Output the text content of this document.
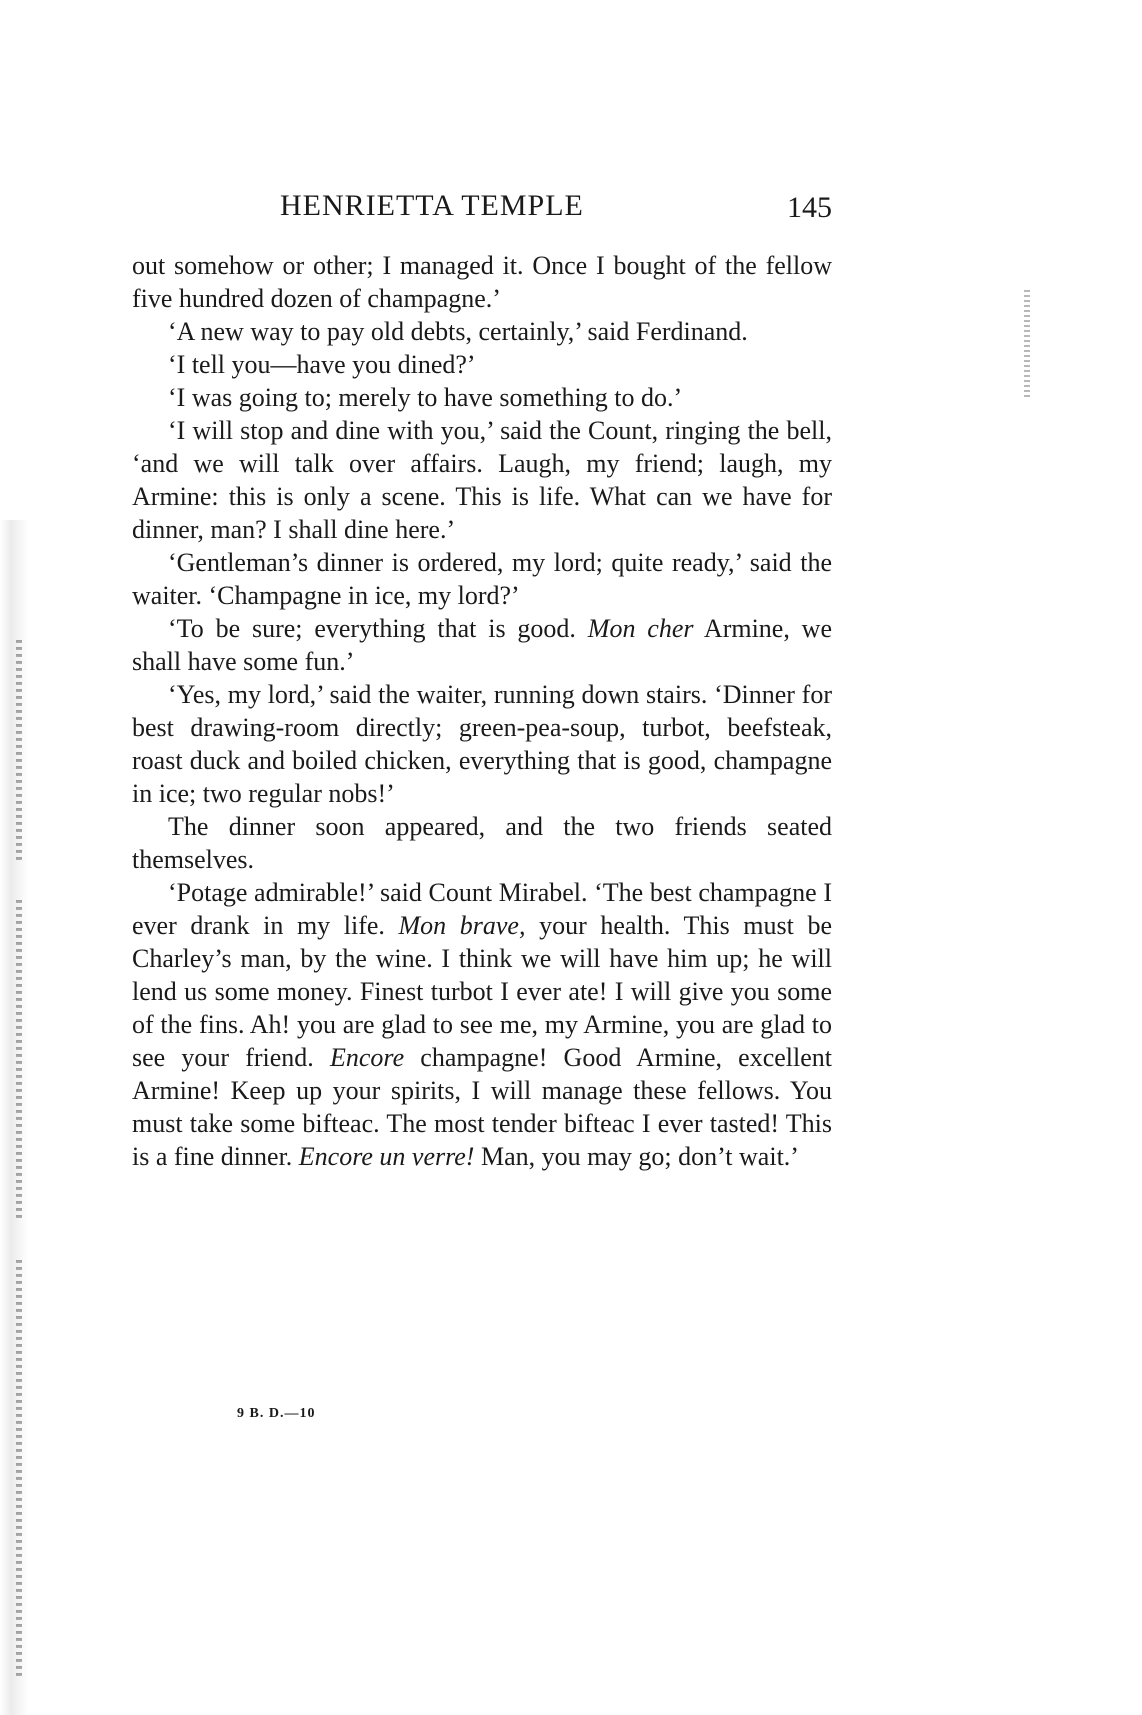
HENRIETTA TEMPLE	145

out somehow or other; I managed it. Once I bought of the fellow five hundred dozen of champagne.’

‘A new way to pay old debts, certainly,’ said Ferdinand.

‘I tell you—have you dined?’

‘I was going to; merely to have something to do.’

‘I will stop and dine with you,’ said the Count, ringing the bell, ‘and we will talk over affairs. Laugh, my friend; laugh, my Armine: this is only a scene. This is life. What can we have for dinner, man? I shall dine here.’

‘Gentleman’s dinner is ordered, my lord; quite ready,’ said the waiter. ‘Champagne in ice, my lord?’

‘To be sure; everything that is good. Mon cher Armine, we shall have some fun.’

‘Yes, my lord,’ said the waiter, running down stairs. ‘Dinner for best drawing-room directly; green-pea-soup, turbot, beefsteak, roast duck and boiled chicken, everything that is good, champagne in ice; two regular nobs!’

The dinner soon appeared, and the two friends seated themselves.

‘Potage admirable!’ said Count Mirabel. ‘The best champagne I ever drank in my life. Mon brave, your health. This must be Charley’s man, by the wine. I think we will have him up; he will lend us some money. Finest turbot I ever ate! I will give you some of the fins. Ah! you are glad to see me, my Armine, you are glad to see your friend. Encore champagne! Good Armine, excellent Armine! Keep up your spirits, I will manage these fellows. You must take some bifteac. The most tender bifteac I ever tasted! This is a fine dinner. Encore un verre! Man, you may go; don’t wait.’

9 B. D.—10
